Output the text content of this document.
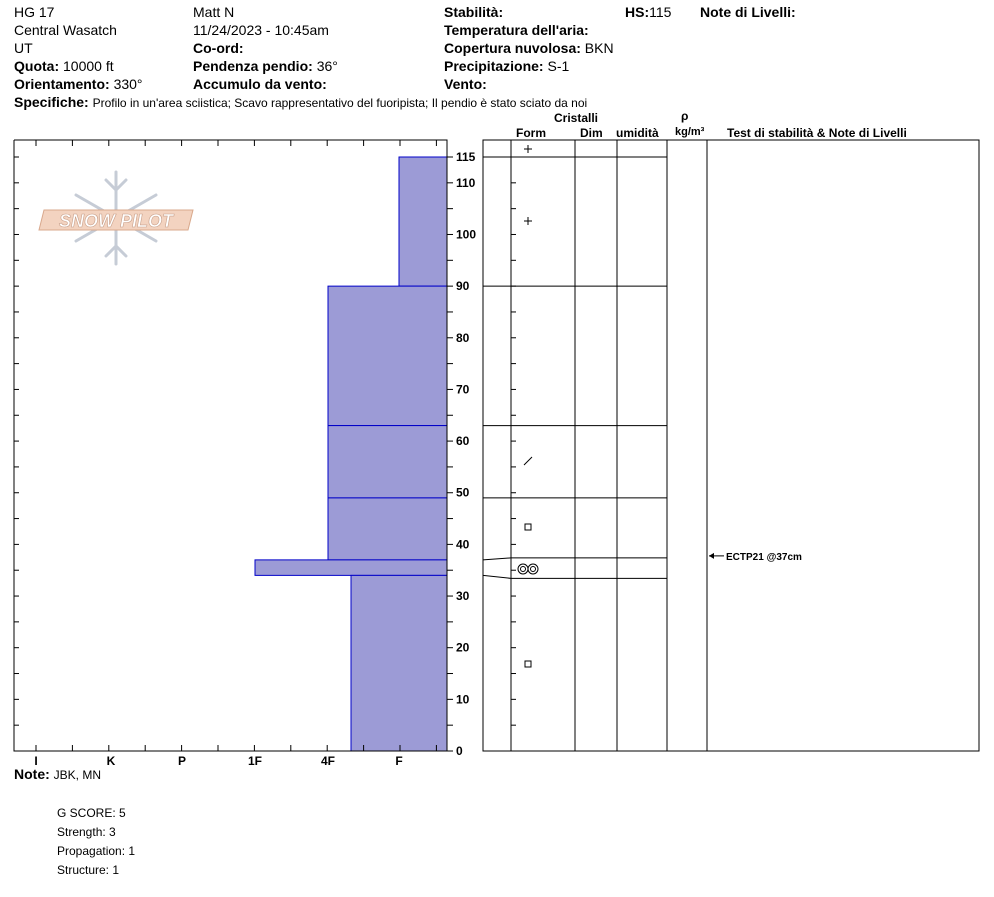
HG 17
Central Wasatch
UT
Quota: 10000 ft
Orientamento: 330°
Matt N
11/24/2023 - 10:45am
Co-ord:
Pendenza pendio: 36°
Accumulo da vento:
Stabilità:
Temperatura dell'aria:
Copertura nuvolosa: BKN
Precipitazione: S-1
Vento:
HS:115 Note di Livelli:
Specifiche: Profilo in un'area sciistica; Scavo rappresentativo del fuoripista; Il pendio è stato sciato da noi
Cristalli
Form	Dim umidità
ρ
kg/m³ Test di stabilità & Note di Livelli
SNOW PILOT
0
10
20
30
40
50
60
70
80
90
100
110
115
I	K	P	1F	4F	F
ECTP21 @37cm
Note: JBK, MN
G SCORE: 5
Strength: 3
Propagation: 1
Structure: 1
